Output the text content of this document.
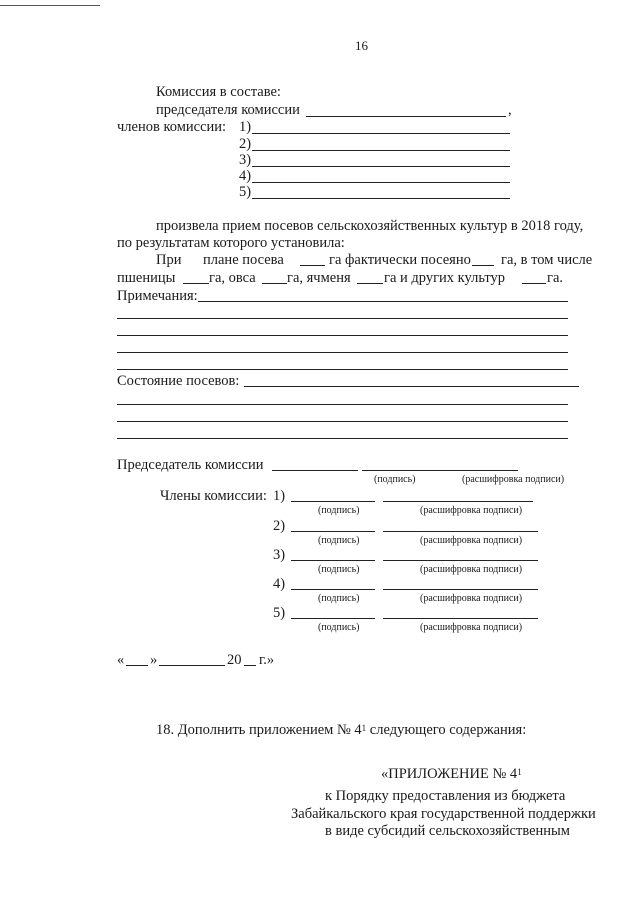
16
Комиссия в составе:
председателя комиссии	,
членов комиссии: 1)
2)
3)
4)
5)
произвела прием посевов сельскохозяйственных культур в 2018 году,
по результатам которого установила:
При плане посева	га фактически посеяно га, в том числе
пшеницы га, овса га, ячменя га и других культур	га.
Примечания:
Состояние посевов:
Председатель комиссии
(подпись)	(расшифровка подписи)
Члены комиссии: 1)
(подпись)	(расшифровка подписи)
2)
(подпись)	(расшифровка подписи)
3)
(подпись)	(расшифровка подписи)
4)
(подпись)	(расшифровка подписи)
5)
(подпись)	(расшифровка подписи)
« »	20 г.»
18. Дополнить приложением № $4^1$ следующего содержания:
«ПРИЛОЖЕНИЕ № $4^1$
к Порядку предоставления из бюджета
Забайкальского края государственной поддержки
в виде субсидий сельскохозяйственным
